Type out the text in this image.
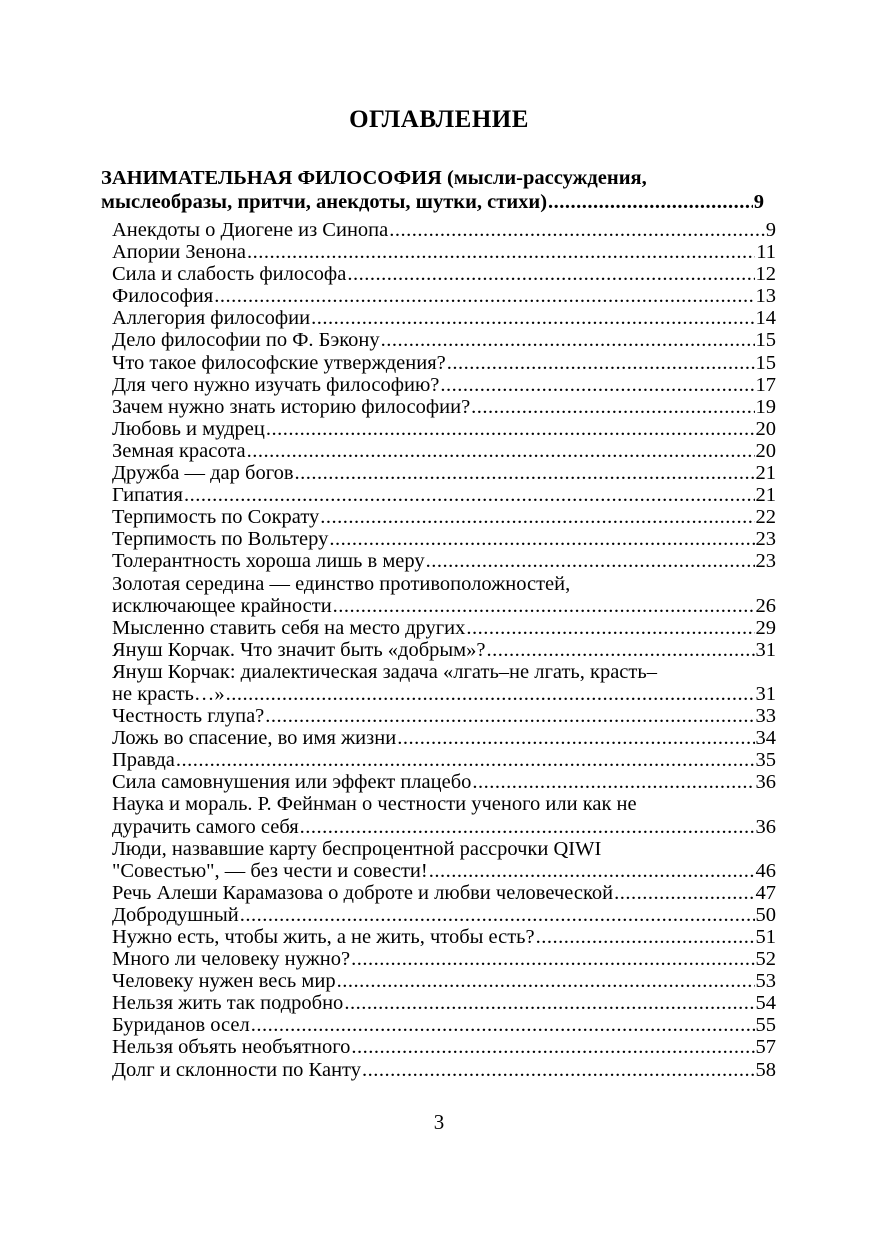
ОГЛАВЛЕНИЕ
ЗАНИМАТЕЛЬНАЯ ФИЛОСОФИЯ (мысли-рассуждения,
мыслеобразы, притчи, анекдоты, шутки, стихи) .....	9
Анекдоты о Диогене из Синопа .....	9
Апории Зенона .....	11
Сила и слабость философа .....	12
Философия .....	13
Аллегория философии .....	14
Дело философии по Ф. Бэкону .....	15
Что такое философские утверждения? .....	15
Для чего нужно изучать философию? .....	17
Зачем нужно знать историю философии? .....	19
Любовь и мудрец .....	20
Земная красота .....	20
Дружба — дар богов .....	21
Гипатия .....	21
Терпимость по Сократу .....	22
Терпимость по Вольтеру .....	23
Толерантность хороша лишь в меру .....	23
Золотая середина — единство противоположностей,
исключающее крайности .....	26
Мысленно ставить себя на место других .....	29
Януш Корчак. Что значит быть «добрым»? .....	31
Януш Корчак: диалектическая задача «лгать–не лгать, красть–
не красть…» .....	31
Честность глупа? .....	33
Ложь во спасение, во имя жизни .....	34
Правда .....	35
Сила самовнушения или эффект плацебо .....	36
Наука и мораль. Р. Фейнман о честности ученого или как не
дурачить самого себя .....	36
Люди, назвавшие карту беспроцентной рассрочки QIWI
"Совестью", — без чести и совести! .....	46
Речь Алеши Карамазова о доброте и любви человеческой .....	47
Добродушный .....	50
Нужно есть, чтобы жить, а не жить, чтобы есть? .....	51
Много ли человеку нужно? .....	52
Человеку нужен весь мир .....	53
Нельзя жить так подробно .....	54
Буриданов осел .....	55
Нельзя объять необъятного .....	57
Долг и склонности по Канту .....	58
3
